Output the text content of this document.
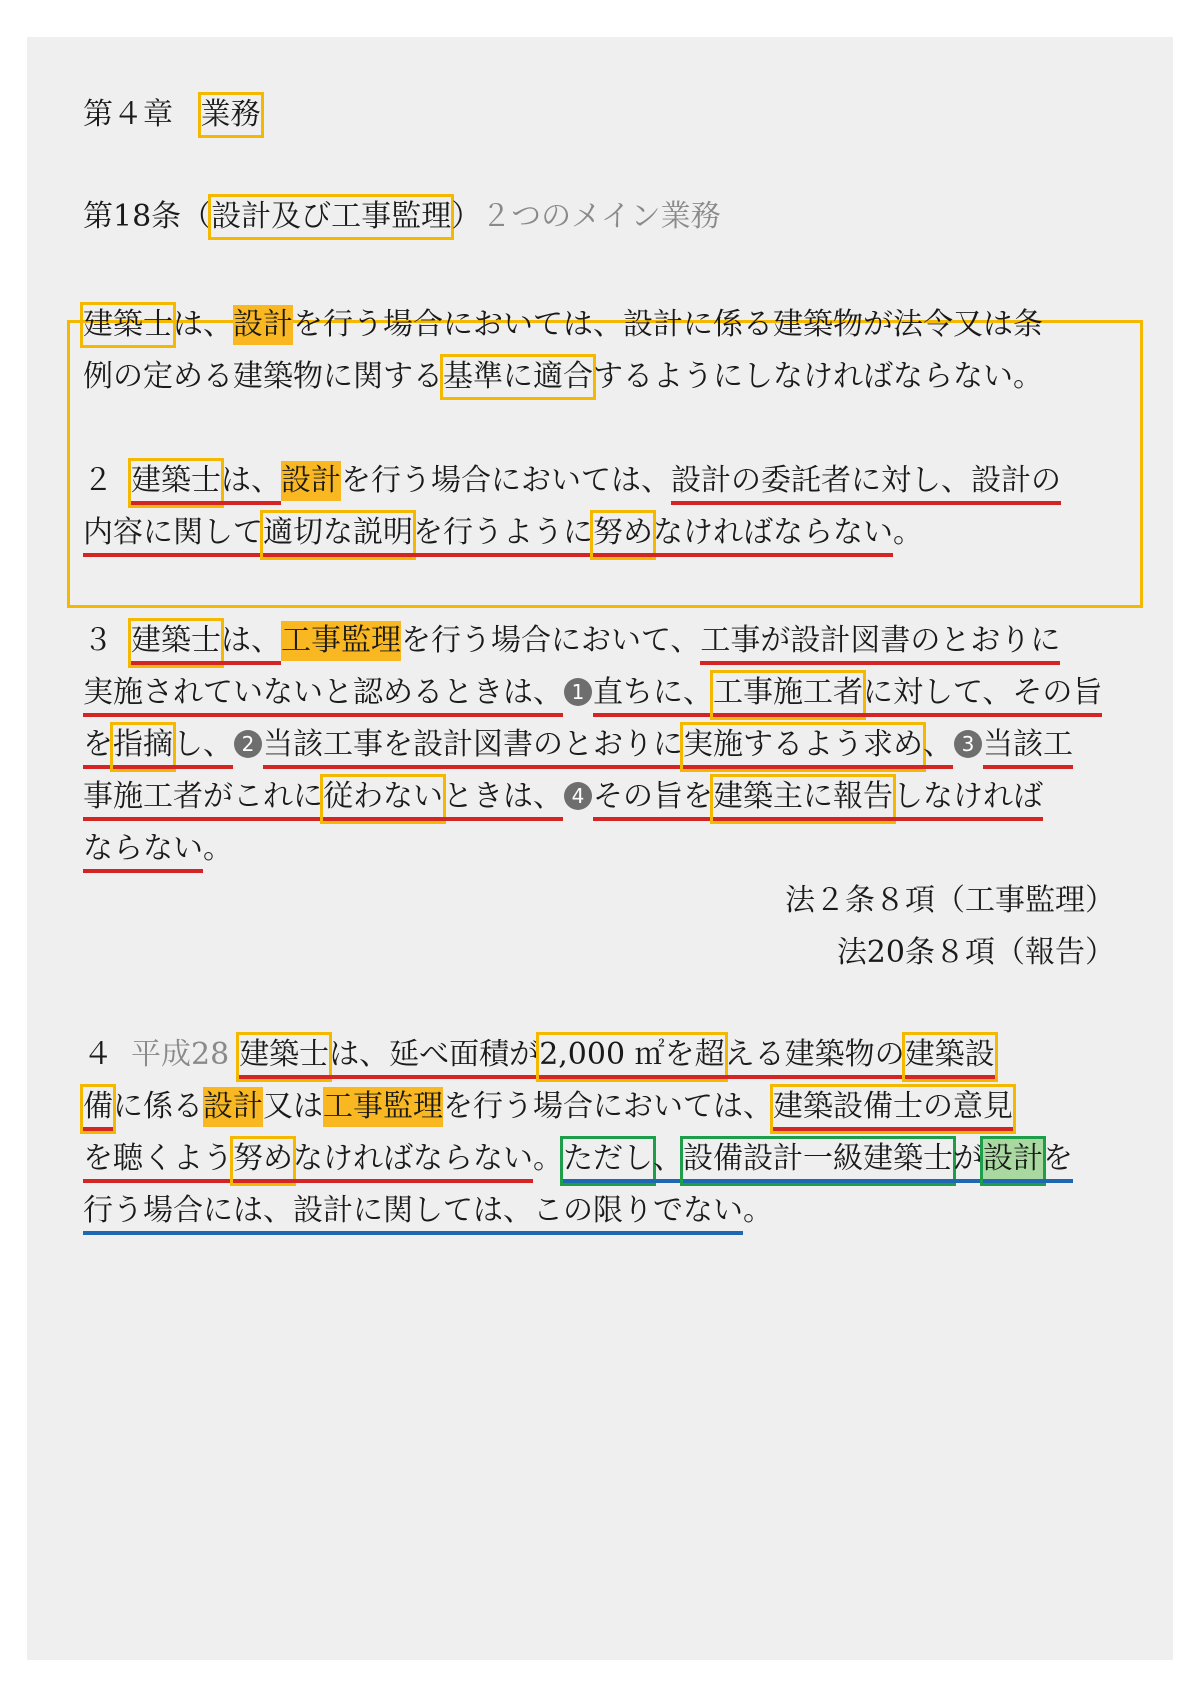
第４章 業務
第18条（設計及び工事監理）２つのメイン業務
建築士は、設計を行う場合においては、設計に係る建築物が法令又は条
例の定める建築物に関する基準に適合するようにしなければならない。
２ 建築士は、設計を行う場合においては、設計の委託者に対し、設計の
内容に関して適切な説明を行うように努めなければならない。
３ 建築士は、工事監理を行う場合において、工事が設計図書のとおりに
実施されていないと認めるときは、 1 直ちに、工事施工者に対して、その旨
を指摘し、 2 当該工事を設計図書のとおりに実施するよう求め、 3 当該工
事施工者がこれに従わないときは、 4 その旨を建築主に報告しなければ
ならない。
法２条８項（工事監理）
法20条８項（報告）
４ 平成28 建築士は、延べ面積が2,000 ㎡を超える建築物の建築設
備に係る設計又は工事監理を行う場合においては、建築設備士の意見
を聴くよう努めなければならない。ただし、設備設計一級建築士が設計を
行う場合には、設計に関しては、この限りでない。
